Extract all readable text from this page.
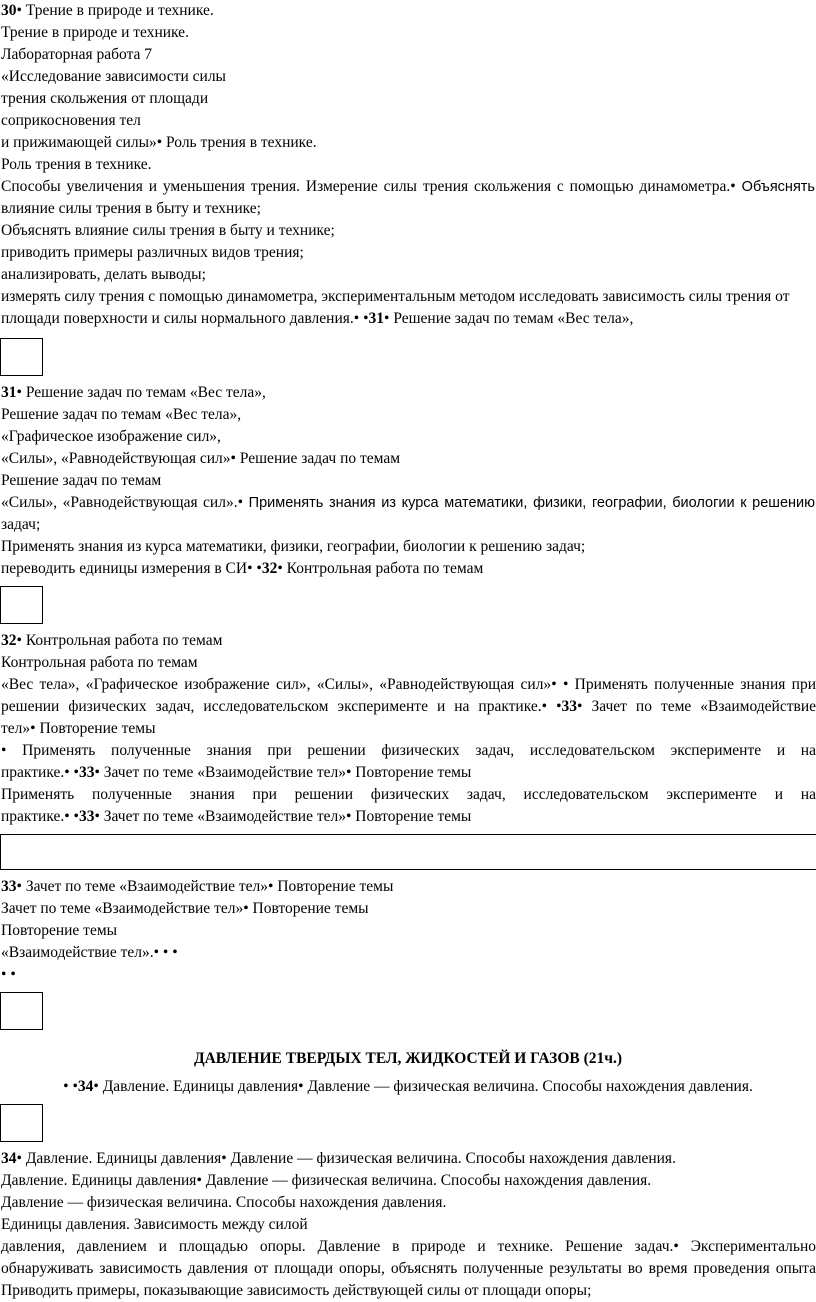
30• Трение в природе и технике.
Трение в природе и технике.
Лабораторная работа 7
«Исследование зависимости силы
трения скольжения от площади
соприкосновения тел
и прижимающей силы»• Роль трения в технике.
Роль трения в технике.
Способы увеличения и уменьшения трения. Измерение силы трения скольжения с помощью динамометра.• Объяснять влияние силы трения в быту и технике;
Объяснять влияние силы трения в быту и технике;
приводить примеры различных видов трения;
анализировать, делать выводы;
измерять силу трения с помощью динамометра, экспериментальным методом исследовать зависимость силы трения от
площади поверхности и силы нормального давления.• •31• Решение задач по темам «Вес тела»,
31• Решение задач по темам «Вес тела»,
Решение задач по темам «Вес тела»,
«Графическое изображение сил»,
«Силы», «Равнодействующая сил»• Решение задач по темам
Решение задач по темам
«Силы», «Равнодействующая сил».• Применять знания из курса математики, физики, географии, биологии к решению задач;
Применять знания из курса математики, физики, географии, биологии к решению задач;
переводить единицы измерения в СИ• •32• Контрольная работа по темам
32• Контрольная работа по темам
Контрольная работа по темам
«Вес тела», «Графическое изображение сил», «Силы», «Равнодействующая сил»• • Применять полученные знания при
решении физических задач, исследовательском эксперименте и на практике.• •33• Зачет по теме «Взаимодействие
тел»• Повторение темы
• Применять полученные знания при решении физических задач, исследовательском эксперименте и на
практике.• •33• Зачет по теме «Взаимодействие тел»• Повторение темы
Применять полученные знания при решении физических задач, исследовательском эксперименте и на
практике.• •33• Зачет по теме «Взаимодействие тел»• Повторение темы
33• Зачет по теме «Взаимодействие тел»• Повторение темы
Зачет по теме «Взаимодействие тел»• Повторение темы
Повторение темы
«Взаимодействие тел».• • •
• •
ДАВЛЕНИЕ ТВЕРДЫХ ТЕЛ, ЖИДКОСТЕЙ И ГАЗОВ (21ч.)
• •34• Давление. Единицы давления• Давление — физическая величина. Способы нахождения давления.
34• Давление. Единицы давления• Давление — физическая величина. Способы нахождения давления.
Давление. Единицы давления• Давление — физическая величина. Способы нахождения давления.
Давление — физическая величина. Способы нахождения давления.
Единицы давления. Зависимость между силой
давления, давлением и площадью опоры. Давление в природе и технике. Решение задач.• Экспериментально
обнаруживать зависимость давления от площади опоры, объяснять полученные результаты во время проведения опыта
Приводить примеры, показывающие зависимость действующей силы от площади опоры;
